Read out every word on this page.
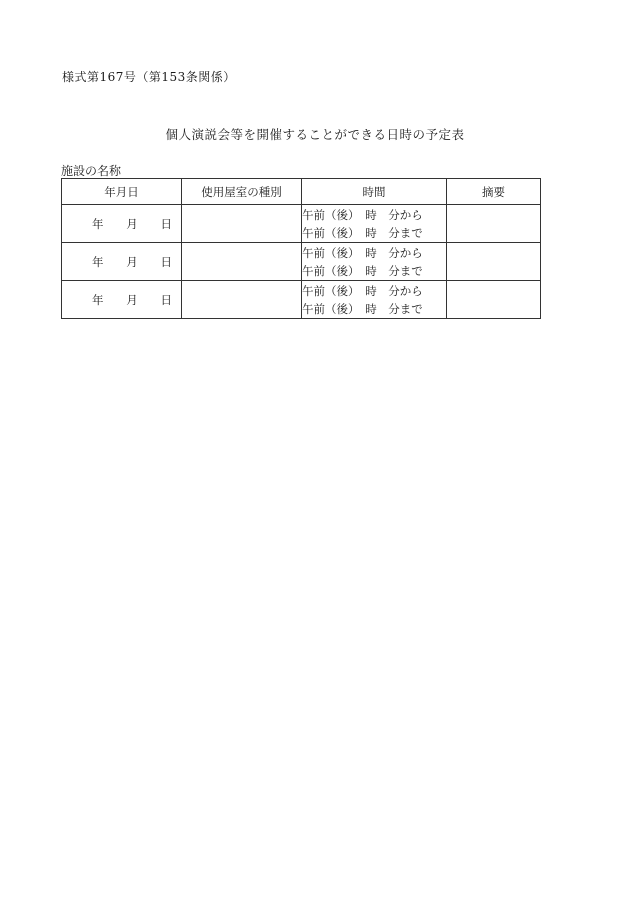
様式第167号（第153条関係）
個人演説会等を開催することができる日時の予定表
施設の名称
年月日	使用屋室の種別	時間	摘要

年 月 日		午前（後）　時　分から
午前（後）　時　分まで	

年 月 日		午前（後）　時　分から
午前（後）　時　分まで	

年 月 日		午前（後）　時　分から
午前（後）　時　分まで	
